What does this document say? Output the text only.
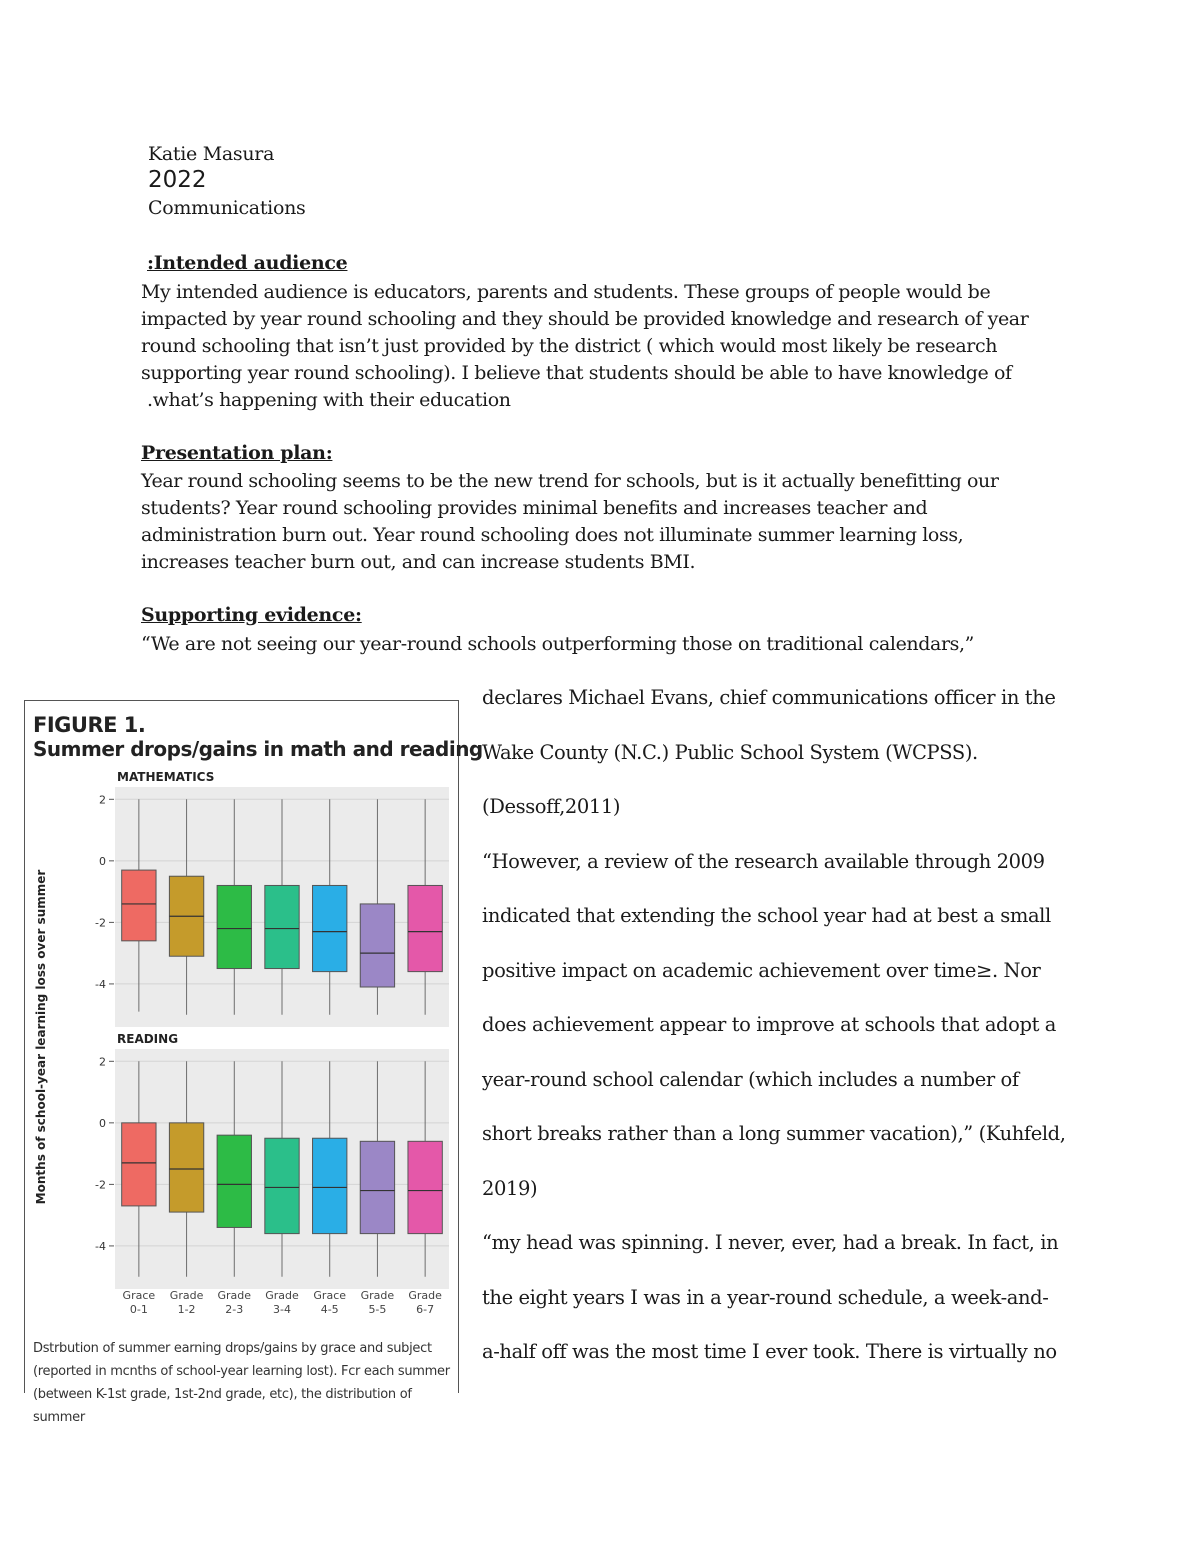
Katie Masura
2022
Communications
:Intended audience
My intended audience is educators, parents and students. These groups of people would be
impacted by year round schooling and they should be provided knowledge and research of year
round schooling that isn’t just provided by the district ( which would most likely be research
supporting year round schooling). I believe that students should be able to have knowledge of
.what’s happening with their education
Presentation plan:
Year round schooling seems to be the new trend for schools, but is it actually benefitting our
students? Year round schooling provides minimal benefits and increases teacher and
administration burn out. Year round schooling does not illuminate summer learning loss,
increases teacher burn out, and can increase students BMI.
Supporting evidence:
“We are not seeing our year-round schools outperforming those on traditional calendars,”
declares Michael Evans, chief communications officer in the
Wake County (N.C.) Public School System (WCPSS).
(Dessoff,2011)
“However, a review of the research available through 2009
indicated that extending the school year had at best a small
positive impact on academic achievement over time≥. Nor
does achievement appear to improve at schools that adopt a
year-round school calendar (which includes a number of
short breaks rather than a long summer vacation),” (Kuhfeld,
2019)
“my head was spinning. I never, ever, had a break. In fact, in
the eight years I was in a year-round schedule, a week-and-
a-half off was the most time I ever took. There is virtually no
FIGURE 1.
Summer drops/gains in math and reading
Months of school-year learning loss over summer
MATHEMATICS
2
0
-2
-4
READING
2
0
-2
-4
Grace
0-1
Grade
1-2
Grade
2-3
Grade
3-4
Grace
4-5
Grade
5-5
Grade
6-7
Dstrbution of summer earning drops/gains by grace and subject
(reported in mcnths of school-year learning lost). Fcr each summer
(between K-1st grade, 1st-2nd grade, etc), the distribution of summer
